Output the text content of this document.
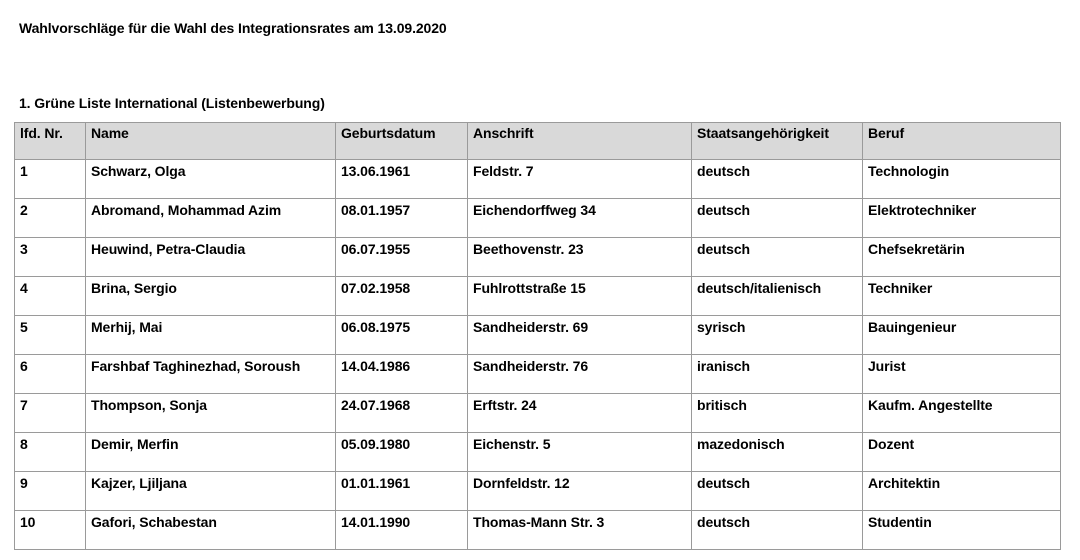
Wahlvorschläge für die Wahl des Integrationsrates am 13.09.2020
1. Grüne Liste International (Listenbewerbung)
lfd. Nr.	Name	Geburtsdatum	Anschrift	Staatsangehörigkeit	Beruf
1	Schwarz, Olga	13.06.1961	Feldstr. 7	deutsch	Technologin
2	Abromand, Mohammad Azim	08.01.1957	Eichendorffweg 34	deutsch	Elektrotechniker
3	Heuwind, Petra-Claudia	06.07.1955	Beethovenstr. 23	deutsch	Chefsekretärin
4	Brina, Sergio	07.02.1958	Fuhlrottstraße 15	deutsch/italienisch	Techniker
5	Merhij, Mai	06.08.1975	Sandheiderstr. 69	syrisch	Bauingenieur
6	Farshbaf Taghinezhad, Soroush	14.04.1986	Sandheiderstr. 76	iranisch	Jurist
7	Thompson, Sonja	24.07.1968	Erftstr. 24	britisch	Kaufm. Angestellte
8	Demir, Merfin	05.09.1980	Eichenstr. 5	mazedonisch	Dozent
9	Kajzer, Ljiljana	01.01.1961	Dornfeldstr. 12	deutsch	Architektin
10	Gafori, Schabestan	14.01.1990	Thomas-Mann Str. 3	deutsch	Studentin
